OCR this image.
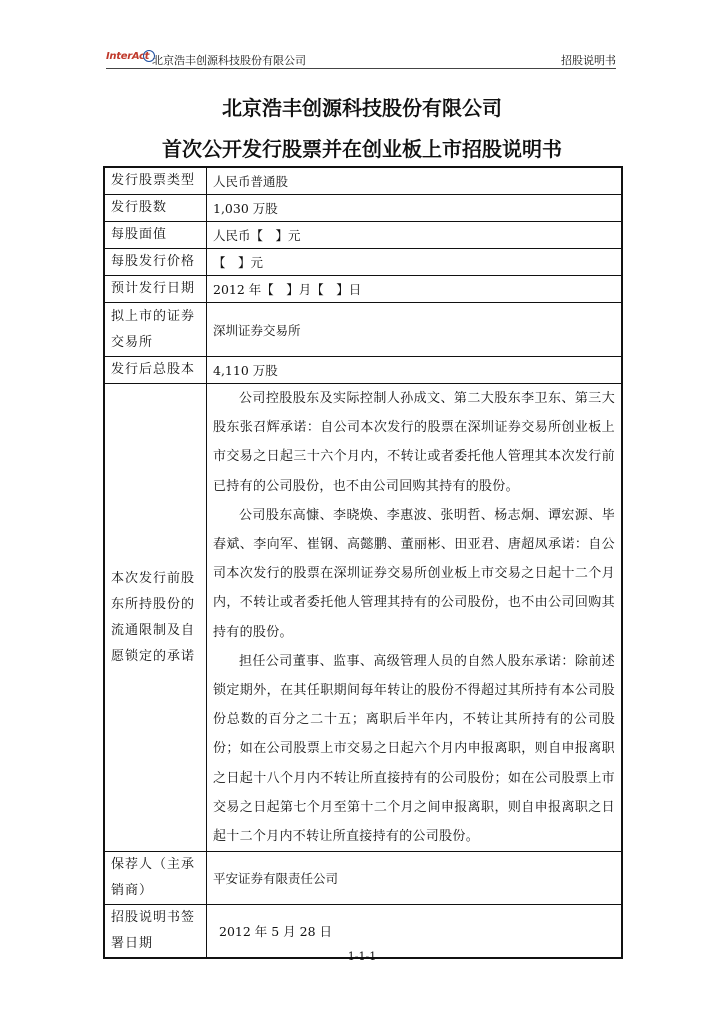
InterAct 北京浩丰创源科技股份有限公司	招股说明书
北京浩丰创源科技股份有限公司
首次公开发行股票并在创业板上市招股说明书
发行股票类型	人民币普通股
发行股数	1,030 万股
每股面值	人民币【　】元
每股发行价格	【　】元
预计发行日期	2012 年【　】月【　】日
拟上市的证券交易所	深圳证券交易所
发行后总股本	4,110 万股
本次发行前股东所持股份的流通限制及自愿锁定的承诺	公司控股股东及实际控制人孙成文、第二大股东李卫东、第三大股东张召辉承诺：自公司本次发行的股票在深圳证券交易所创业板上市交易之日起三十六个月内，不转让或者委托他人管理其本次发行前已持有的公司股份，也不由公司回购其持有的股份。
公司股东高慷、李晓焕、李惠波、张明哲、杨志炯、谭宏源、毕春斌、李向军、崔钢、高懿鹏、董丽彬、田亚君、唐超凤承诺：自公司本次发行的股票在深圳证券交易所创业板上市交易之日起十二个月内，不转让或者委托他人管理其持有的公司股份，也不由公司回购其持有的股份。
担任公司董事、监事、高级管理人员的自然人股东承诺：除前述锁定期外，在其任职期间每年转让的股份不得超过其所持有本公司股份总数的百分之二十五；离职后半年内，不转让其所持有的公司股份；如在公司股票上市交易之日起六个月内申报离职，则自申报离职之日起十八个月内不转让所直接持有的公司股份；如在公司股票上市交易之日起第七个月至第十二个月之间申报离职，则自申报离职之日起十二个月内不转让所直接持有的公司股份。

保荐人（主承销商）	平安证券有限责任公司
招股说明书签署日期	2012 年 5 月 28 日
1-1-1
